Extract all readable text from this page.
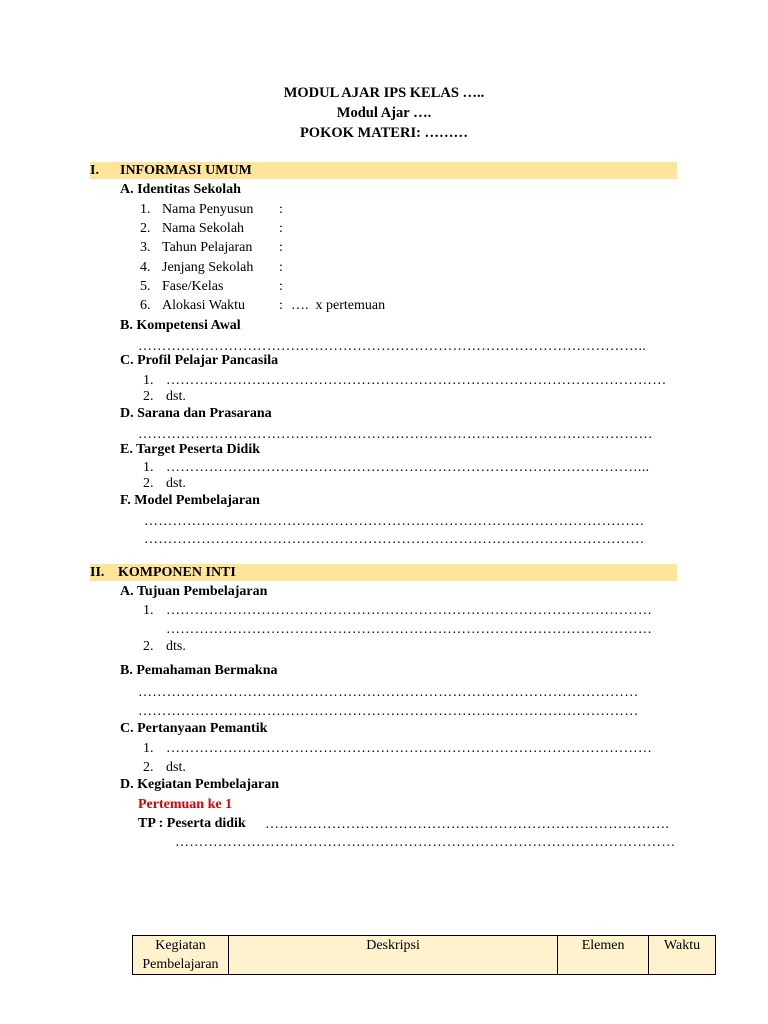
MODUL AJAR IPS KELAS …..
Modul Ajar ….
POKOK MATERI: ………
I. INFORMASI UMUM
A. Identitas Sekolah
1. Nama Penyusun :
2. Nama Sekolah :
3. Tahun Pelajaran :
4. Jenjang Sekolah :
5. Fase/Kelas	:
6. Alokasi Waktu : ….  x pertemuan
B. Kompetensi Awal
……………………………………………………………………………………………..
C. Profil Pelajar Pancasila
1. ……………………………………………………………………………………………
2. dst.
D. Sarana dan Prasarana
………………………………………………………………………………………………
E. Target Peserta Didik
1. ………………………………………………………………………………………...
2. dst.
F. Model Pembelajaran
……………………………………………………………………………………………
……………………………………………………………………………………………
II. KOMPONEN INTI
A. Tujuan Pembelajaran
1. …………………………………………………………………………………………
…………………………………………………………………………………………
2. dts.
B. Pemahaman Bermakna
……………………………………………………………………………………………
……………………………………………………………………………………………
C. Pertanyaan Pemantik
1. …………………………………………………………………………………………
2. dst.
D. Kegiatan Pembelajaran
Pertemuan ke 1
TP : Peserta didik ………………………………………………………………………….
……………………………………………………………………………………………
Kegiatan
Pembelajaran	Deskripsi	Elemen	Waktu
